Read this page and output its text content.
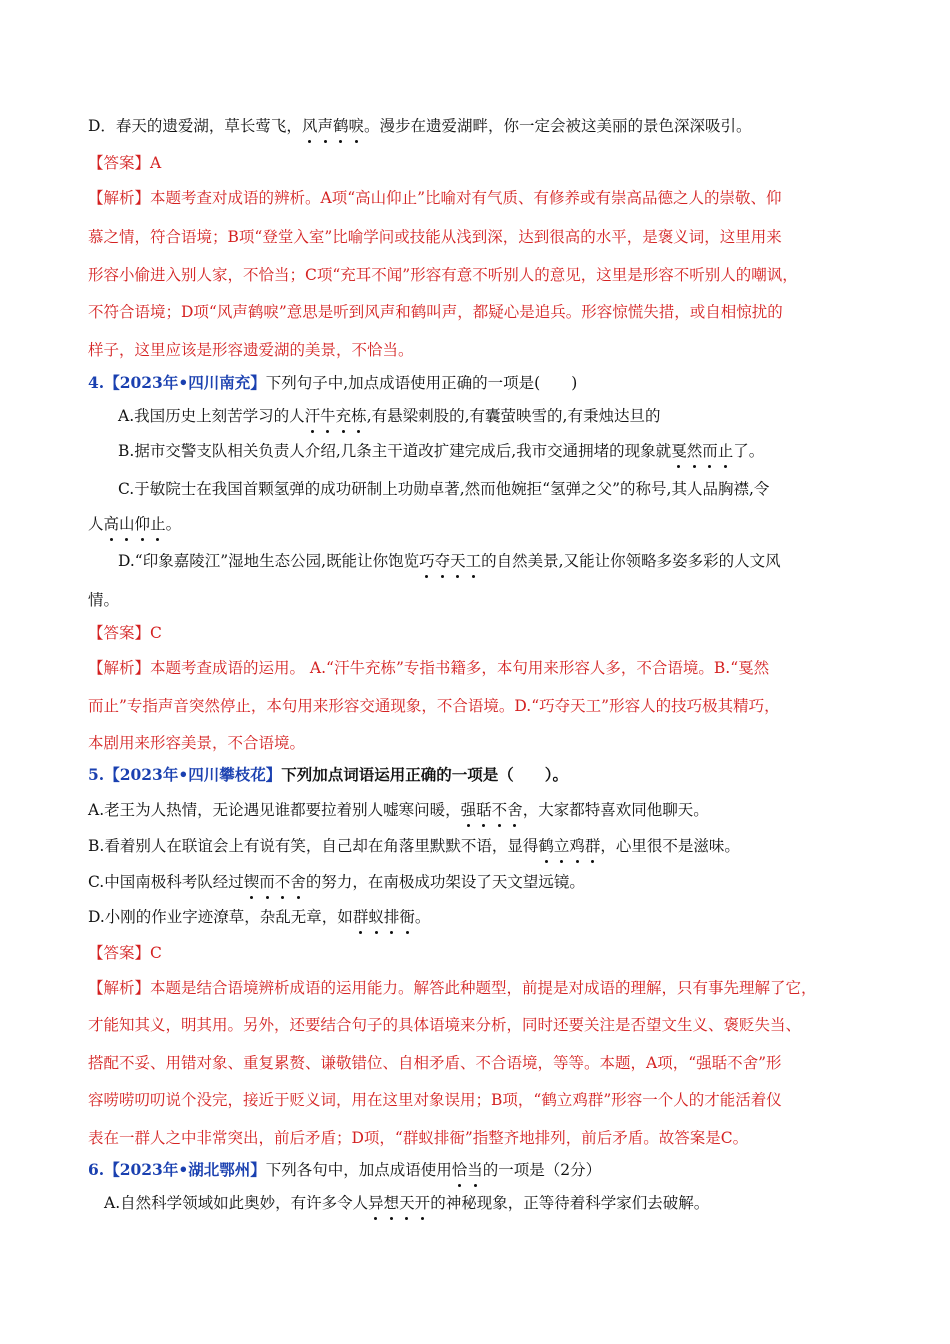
D．春天的遗爱湖，草长莺飞，风声鹤唳。漫步在遗爱湖畔，你一定会被这美丽的景色深深吸引。
【答案】A
【解析】本题考查对成语的辨析。A项“高山仰止”比喻对有气质、有修养或有崇高品德之人的崇敬、仰
慕之情，符合语境；B项“登堂入室”比喻学问或技能从浅到深，达到很高的水平，是褒义词，这里用来
形容小偷进入别人家，不恰当；C项“充耳不闻”形容有意不听别人的意见，这里是形容不听别人的嘲讽，
不符合语境；D项“风声鹤唳”意思是听到风声和鹤叫声，都疑心是追兵。形容惊慌失措，或自相惊扰的
样子，这里应该是形容遗爱湖的美景，不恰当。
4.【2023年•四川南充】下列句子中,加点成语使用正确的一项是(　　)
A.我国历史上刻苦学习的人汗牛充栋,有悬梁刺股的,有囊萤映雪的,有秉烛达旦的
B.据市交警支队相关负责人介绍,几条主干道改扩建完成后,我市交通拥堵的现象就戛然而止了。
C.于敏院士在我国首颗氢弹的成功研制上功勋卓著,然而他婉拒“氢弹之父”的称号,其人品胸襟,令
人高山仰止。
D.“印象嘉陵江”湿地生态公园,既能让你饱览巧夺天工的自然美景,又能让你领略多姿多彩的人文风
情。
【答案】C
【解析】本题考查成语的运用。 A.“汗牛充栋”专指书籍多，本句用来形容人多，不合语境。B.“戛然
而止”专指声音突然停止，本句用来形容交通现象，不合语境。D.“巧夺天工”形容人的技巧极其精巧，
本剧用来形容美景，不合语境。
5.【2023年•四川攀枝花】下列加点词语运用正确的一项是（　　）。
A.老王为人热情，无论遇见谁都要拉着别人嘘寒问暖，强聒不舍，大家都特喜欢同他聊天。
B.看着别人在联谊会上有说有笑，自己却在角落里默默不语，显得鹤立鸡群，心里很不是滋味。
C.中国南极科考队经过锲而不舍的努力，在南极成功架设了天文望远镜。
D.小刚的作业字迹潦草，杂乱无章，如群蚁排衙。
【答案】C
【解析】本题是结合语境辨析成语的运用能力。解答此种题型，前提是对成语的理解，只有事先理解了它，
才能知其义，明其用。另外，还要结合句子的具体语境来分析，同时还要关注是否望文生义、褒贬失当、
搭配不妥、用错对象、重复累赘、谦敬错位、自相矛盾、不合语境，等等。本题，A项，“强聒不舍”形
容唠唠叨叨说个没完，接近于贬义词，用在这里对象误用；B项，“鹤立鸡群”形容一个人的才能活着仪
表在一群人之中非常突出，前后矛盾；D项，“群蚁排衙”指整齐地排列，前后矛盾。故答案是C。
6.【2023年•湖北鄂州】下列各句中，加点成语使用恰当的一项是（2分）
A.自然科学领域如此奥妙，有许多令人异想天开的神秘现象，正等待着科学家们去破解。
